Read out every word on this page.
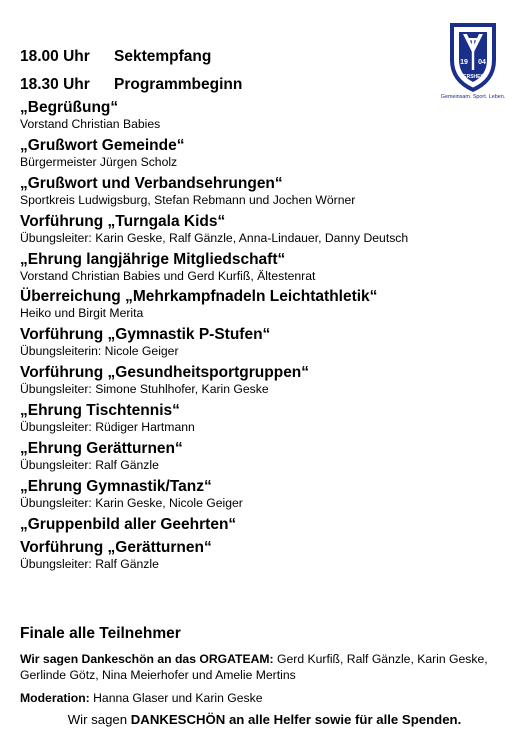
18.00 Uhr Sektempfang
18.30 Uhr Programmbeginn
19 04
SERSHEIM
Gemeinsam. Sport. Leben.
„Begrüßung“
Vorstand Christian Babies
„Grußwort Gemeinde“
Bürgermeister Jürgen Scholz
„Grußwort und Verbandsehrungen“
Sportkreis Ludwigsburg, Stefan Rebmann und Jochen Wörner
Vorführung „Turngala Kids“
Übungsleiter: Karin Geske, Ralf Gänzle, Anna-Lindauer, Danny Deutsch
„Ehrung langjährige Mitgliedschaft“
Vorstand Christian Babies und Gerd Kurfiß, Ältestenrat
Überreichung „Mehrkampfnadeln Leichtathletik“
Heiko und Birgit Merita
Vorführung „Gymnastik P-Stufen“
Übungsleiterin: Nicole Geiger
Vorführung „Gesundheitsportgruppen“
Übungsleiter: Simone Stuhlhofer, Karin Geske
„Ehrung Tischtennis“
Übungsleiter: Rüdiger Hartmann
„Ehrung Gerätturnen“
Übungsleiter: Ralf Gänzle
„Ehrung Gymnastik/Tanz“
Übungsleiter: Karin Geske, Nicole Geiger
„Gruppenbild aller Geehrten“
Vorführung „Gerätturnen“
Übungsleiter: Ralf Gänzle
Finale alle Teilnehmer
Wir sagen Dankeschön an das ORGATEAM: Gerd Kurfiß, Ralf Gänzle, Karin Geske, Gerlinde Götz, Nina Meierhofer und Amelie Mertins
Moderation: Hanna Glaser und Karin Geske
Wir sagen DANKESCHÖN an alle Helfer sowie für alle Spenden.
